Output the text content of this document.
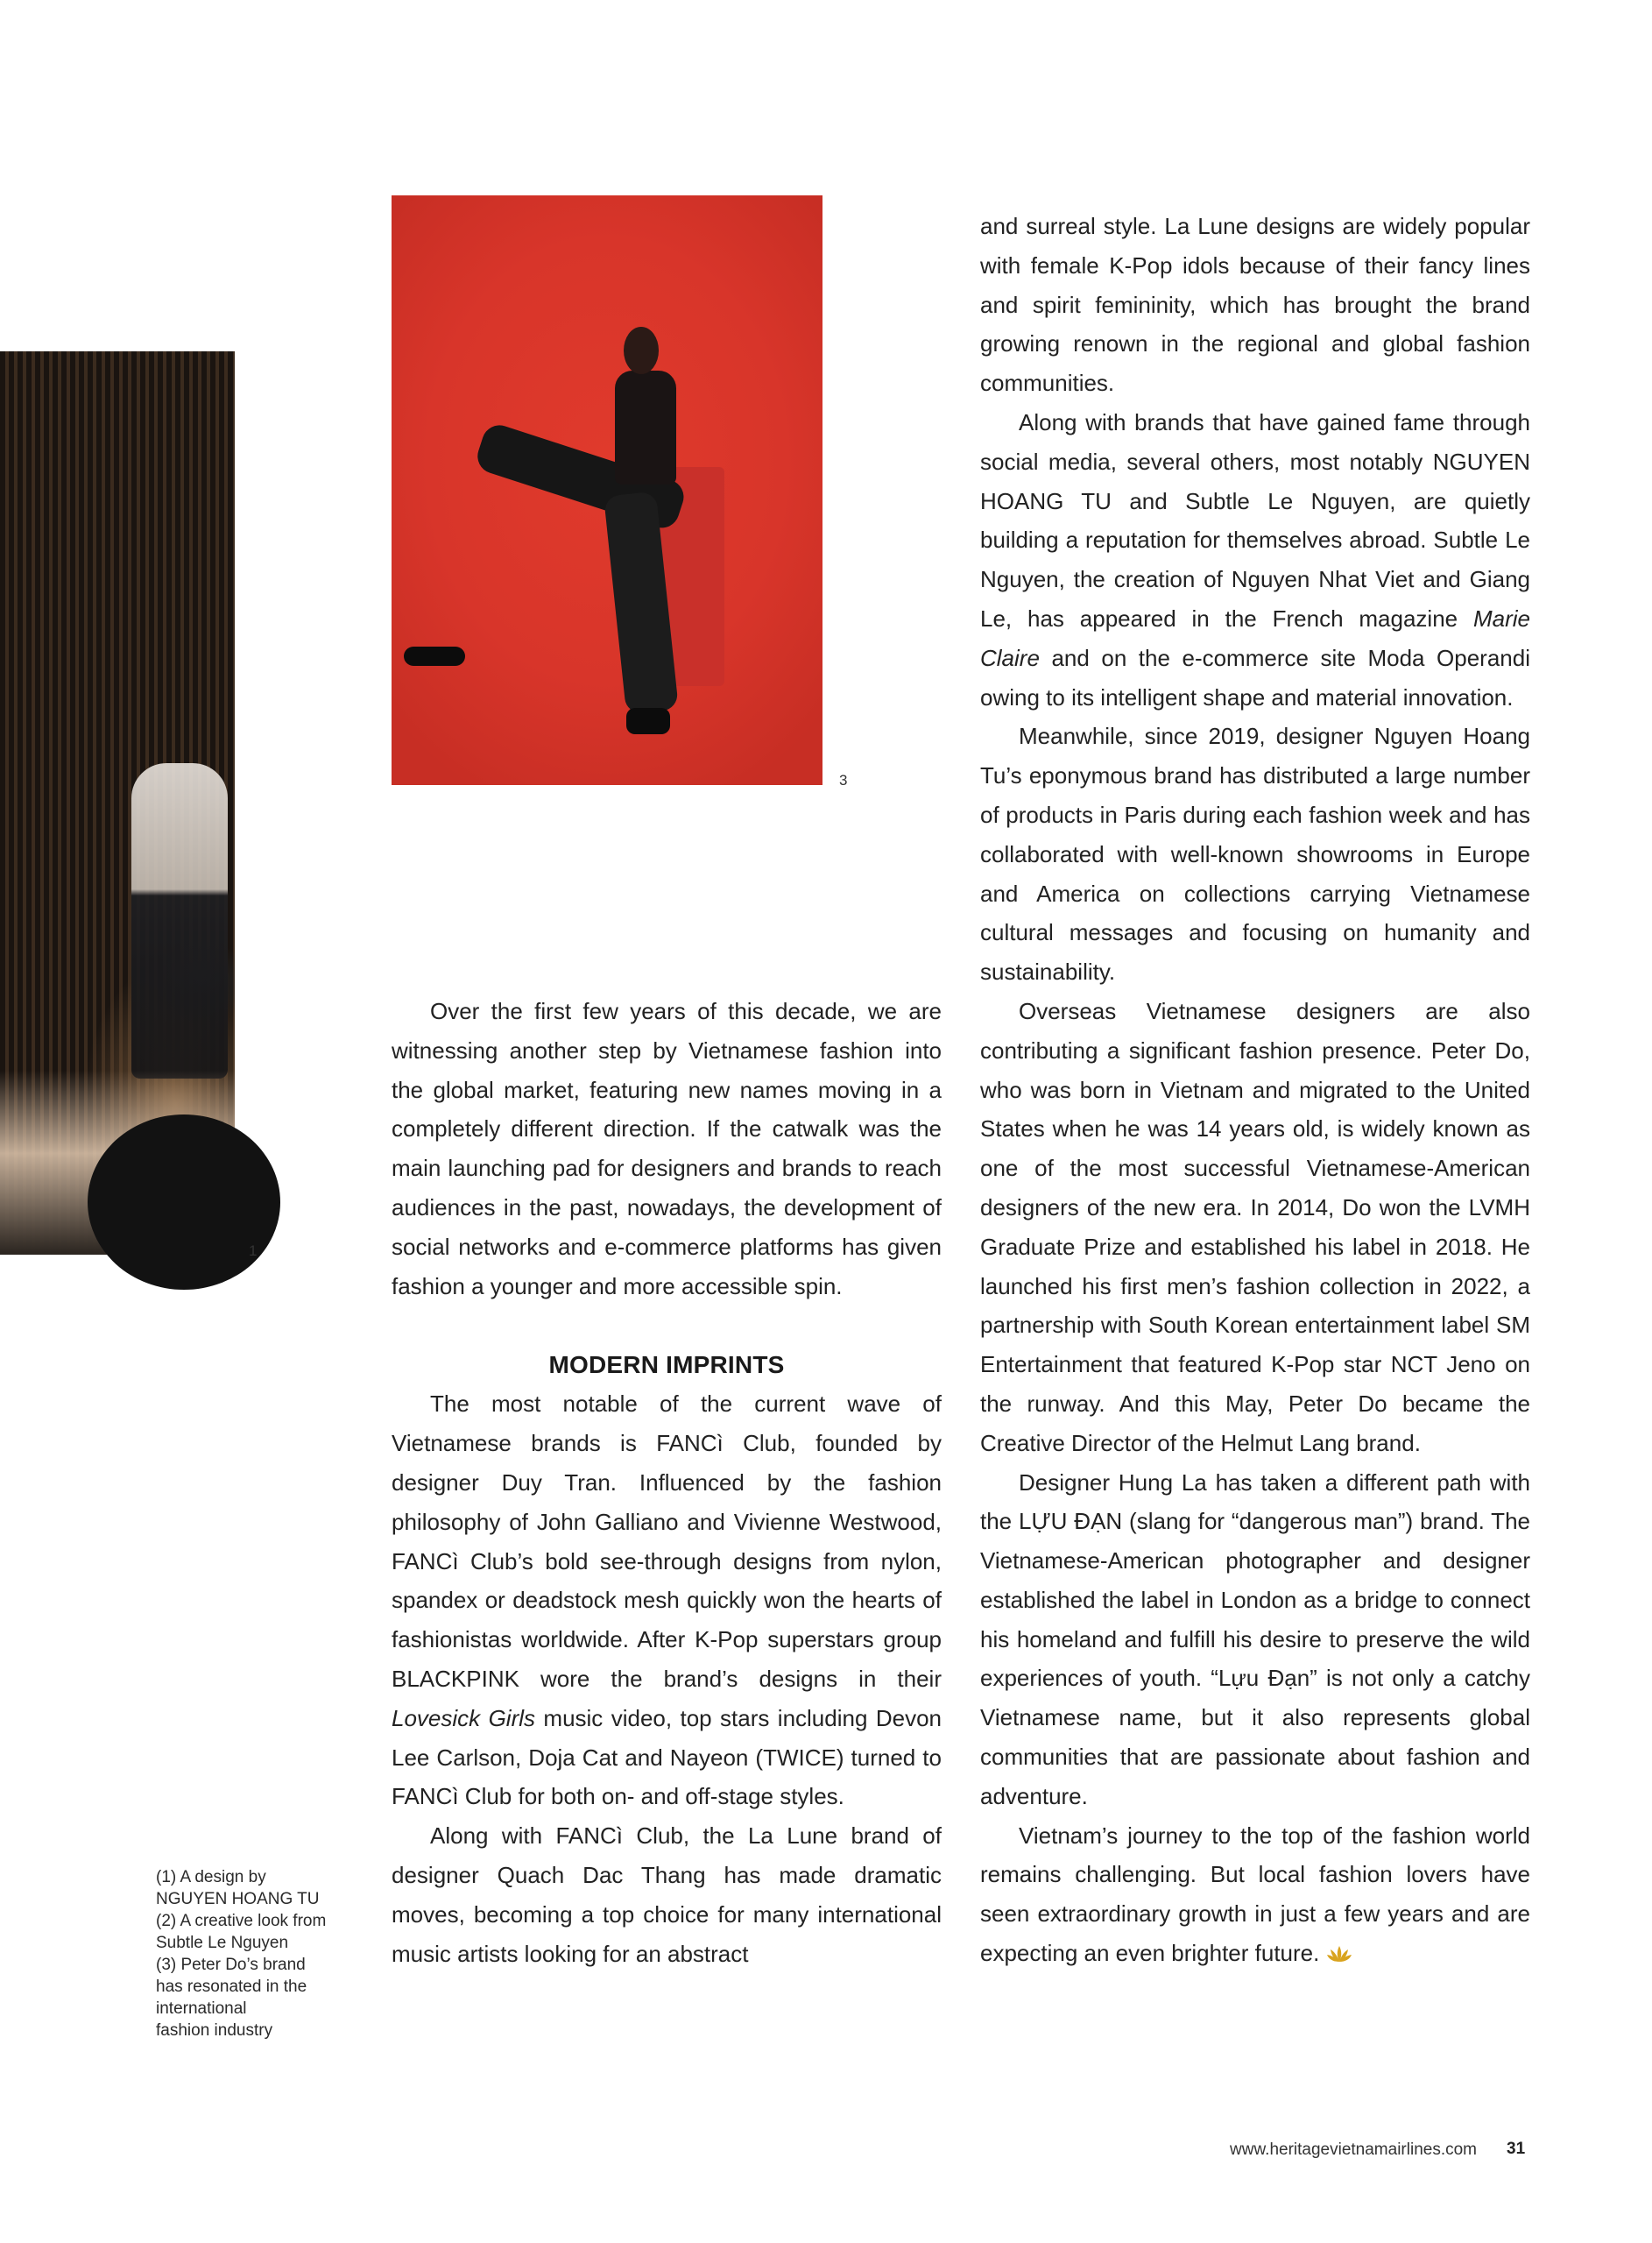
1
3

Over the first few years of this decade, we are witnessing another step by Vietnamese fashion into the global market, featuring new names moving in a completely different direction. If the catwalk was the main launching pad for designers and brands to reach audiences in the past, nowadays, the development of social networks and e-commerce platforms has given fashion a younger and more accessible spin.

MODERN IMPRINTS

The most notable of the current wave of Vietnamese brands is FANCì Club, founded by designer Duy Tran. Influenced by the fashion philosophy of John Galliano and Vivienne Westwood, FANCì Club’s bold see-through designs from nylon, spandex or deadstock mesh quickly won the hearts of fashionistas worldwide. After K-Pop superstars group BLACKPINK wore the brand’s designs in their Lovesick Girls music video, top stars including Devon Lee Carlson, Doja Cat and Nayeon (TWICE) turned to FANCì Club for both on- and off-stage styles.

Along with FANCì Club, the La Lune brand of designer Quach Dac Thang has made dramatic moves, becoming a top choice for many international music artists looking for an abstract

and surreal style. La Lune designs are widely popular with female K-Pop idols because of their fancy lines and spirit femininity, which has brought the brand growing renown in the regional and global fashion communities.

Along with brands that have gained fame through social media, several others, most notably NGUYEN HOANG TU and Subtle Le Nguyen, are quietly building a reputation for themselves abroad. Subtle Le Nguyen, the creation of Nguyen Nhat Viet and Giang Le, has appeared in the French magazine Marie Claire and on the e-commerce site Moda Operandi owing to its intelligent shape and material innovation.

Meanwhile, since 2019, designer Nguyen Hoang Tu’s eponymous brand has distributed a large number of products in Paris during each fashion week and has collaborated with well-known showrooms in Europe and America on collections carrying Vietnamese cultural messages and focusing on humanity and sustainability.

Overseas Vietnamese designers are also contributing a significant fashion presence. Peter Do, who was born in Vietnam and migrated to the United States when he was 14 years old, is widely known as one of the most successful Vietnamese-American designers of the new era. In 2014, Do won the LVMH Graduate Prize and established his label in 2018. He launched his first men’s fashion collection in 2022, a partnership with South Korean entertainment label SM Entertainment that featured K-Pop star NCT Jeno on the runway. And this May, Peter Do became the Creative Director of the Helmut Lang brand.

Designer Hung La has taken a different path with the LỰU ĐẠN (slang for “dangerous man”) brand. The Vietnamese-American photographer and designer established the label in London as a bridge to connect his homeland and fulfill his desire to preserve the wild experiences of youth. “Lựu Đạn” is not only a catchy Vietnamese name, but it also represents global communities that are passionate about fashion and adventure.

Vietnam’s journey to the top of the fashion world remains challenging. But local fashion lovers have seen extraordinary growth in just a few years and are expecting an even brighter future.

(1) A design by
NGUYEN HOANG TU
(2) A creative look from
Subtle Le Nguyen
(3) Peter Do’s brand
has resonated in the
international
fashion industry
www.heritagevietnamairlines.com 31
